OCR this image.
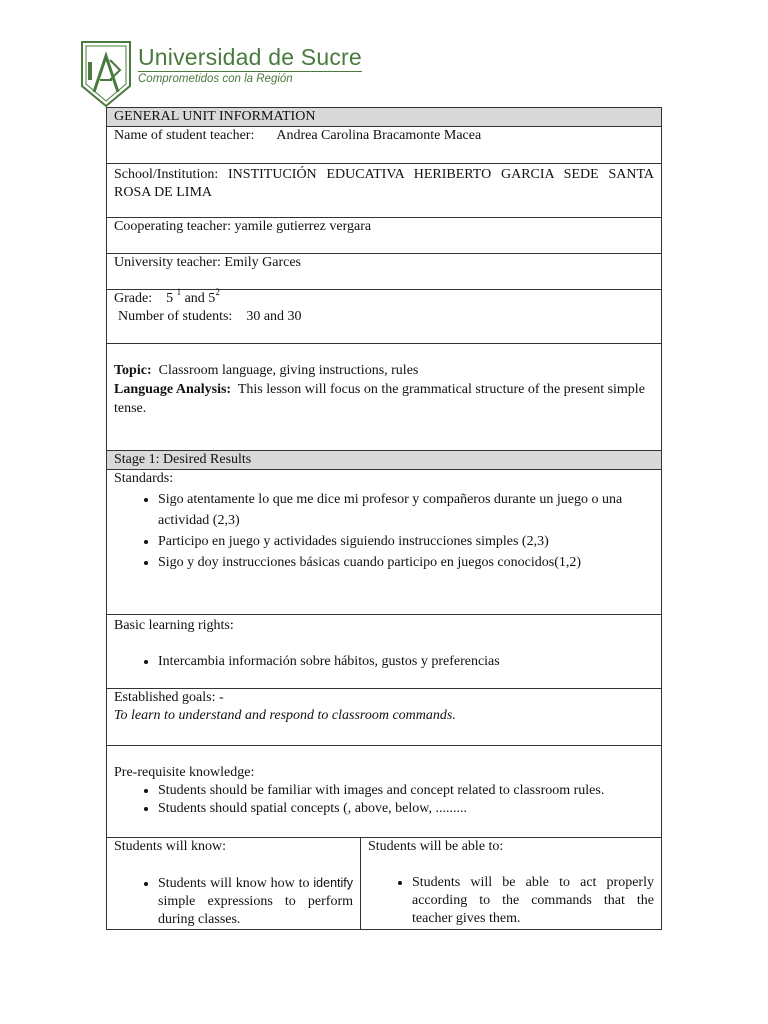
Universidad de Sucre
Comprometidos con la Región
GENERAL UNIT INFORMATION
Name of student teacher: Andrea Carolina Bracamonte Macea
School/Institution: INSTITUCIÓN EDUCATIVA HERIBERTO GARCIA SEDE SANTA ROSA DE LIMA
Cooperating teacher: yamile gutierrez vergara
University teacher: Emily Garces

Grade: 5 $^1$ and $5^2$
Number of students: 30 and 30

Topic: Classroom language, giving instructions, rules
Language Analysis: This lesson will focus on the grammatical structure of the present simple tense.

Stage 1: Desired Results

Standards:
• Sigo atentamente lo que me dice mi profesor y compañeros durante un juego o una actividad (2,3)
• Participo en juego y actividades siguiendo instrucciones simples (2,3)
• Sigo y doy instrucciones básicas cuando participo en juegos conocidos(1,2)

Basic learning rights:
• Intercambia información sobre hábitos, gustos y preferencias

Established goals: -
To learn to understand and respond to classroom commands.

Pre-requisite knowledge:
• Students should be familiar with images and concept related to classroom rules.
• Students should spatial concepts (, above, below, .........

Students will know:
• Students will know how to identify simple expressions to perform during classes.

Students will be able to:
• Students will be able to act properly according to the commands that the teacher gives them.
